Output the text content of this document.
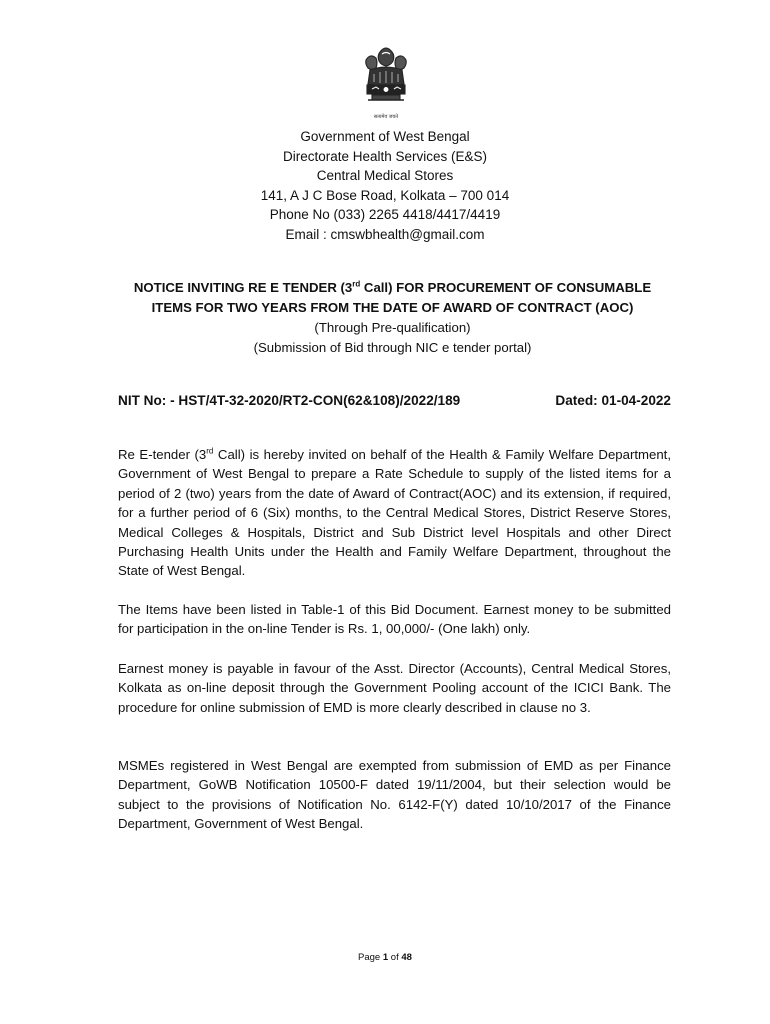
सत्यमेव जयते
Government of West Bengal
Directorate Health Services (E&S)
Central Medical Stores
141, A J C Bose Road, Kolkata – 700 014
Phone No (033) 2265 4418/4417/4419
Email : cmswbhealth@gmail.com
NOTICE INVITING RE E TENDER (3rd Call) FOR PROCUREMENT OF CONSUMABLE
ITEMS FOR TWO YEARS FROM THE DATE OF AWARD OF CONTRACT (AOC)
(Through Pre-qualification)
(Submission of Bid through NIC e tender portal)
NIT No: - HST/4T-32-2020/RT2-CON(62&108)/2022/189	Dated: 01-04-2022
Re E-tender (3rd Call) is hereby invited on behalf of the Health & Family Welfare Department, Government of West Bengal to prepare a Rate Schedule to supply of the listed items for a period of 2 (two) years from the date of Award of Contract(AOC) and its extension, if required, for a further period of 6 (Six) months, to the Central Medical Stores, District Reserve Stores, Medical Colleges & Hospitals, District and Sub District level Hospitals and other Direct Purchasing Health Units under the Health and Family Welfare Department, throughout the State of West Bengal.
The Items have been listed in Table-1 of this Bid Document. Earnest money to be submitted for participation in the on-line Tender is Rs. 1, 00,000/- (One lakh) only.
Earnest money is payable in favour of the Asst. Director (Accounts), Central Medical Stores, Kolkata as on-line deposit through the Government Pooling account of the ICICI Bank. The procedure for online submission of EMD is more clearly described in clause no 3.
MSMEs registered in West Bengal are exempted from submission of EMD as per Finance Department, GoWB Notification 10500-F dated 19/11/2004, but their selection would be subject to the provisions of Notification No. 6142-F(Y) dated 10/10/2017 of the Finance Department, Government of West Bengal.
Page 1 of 48
